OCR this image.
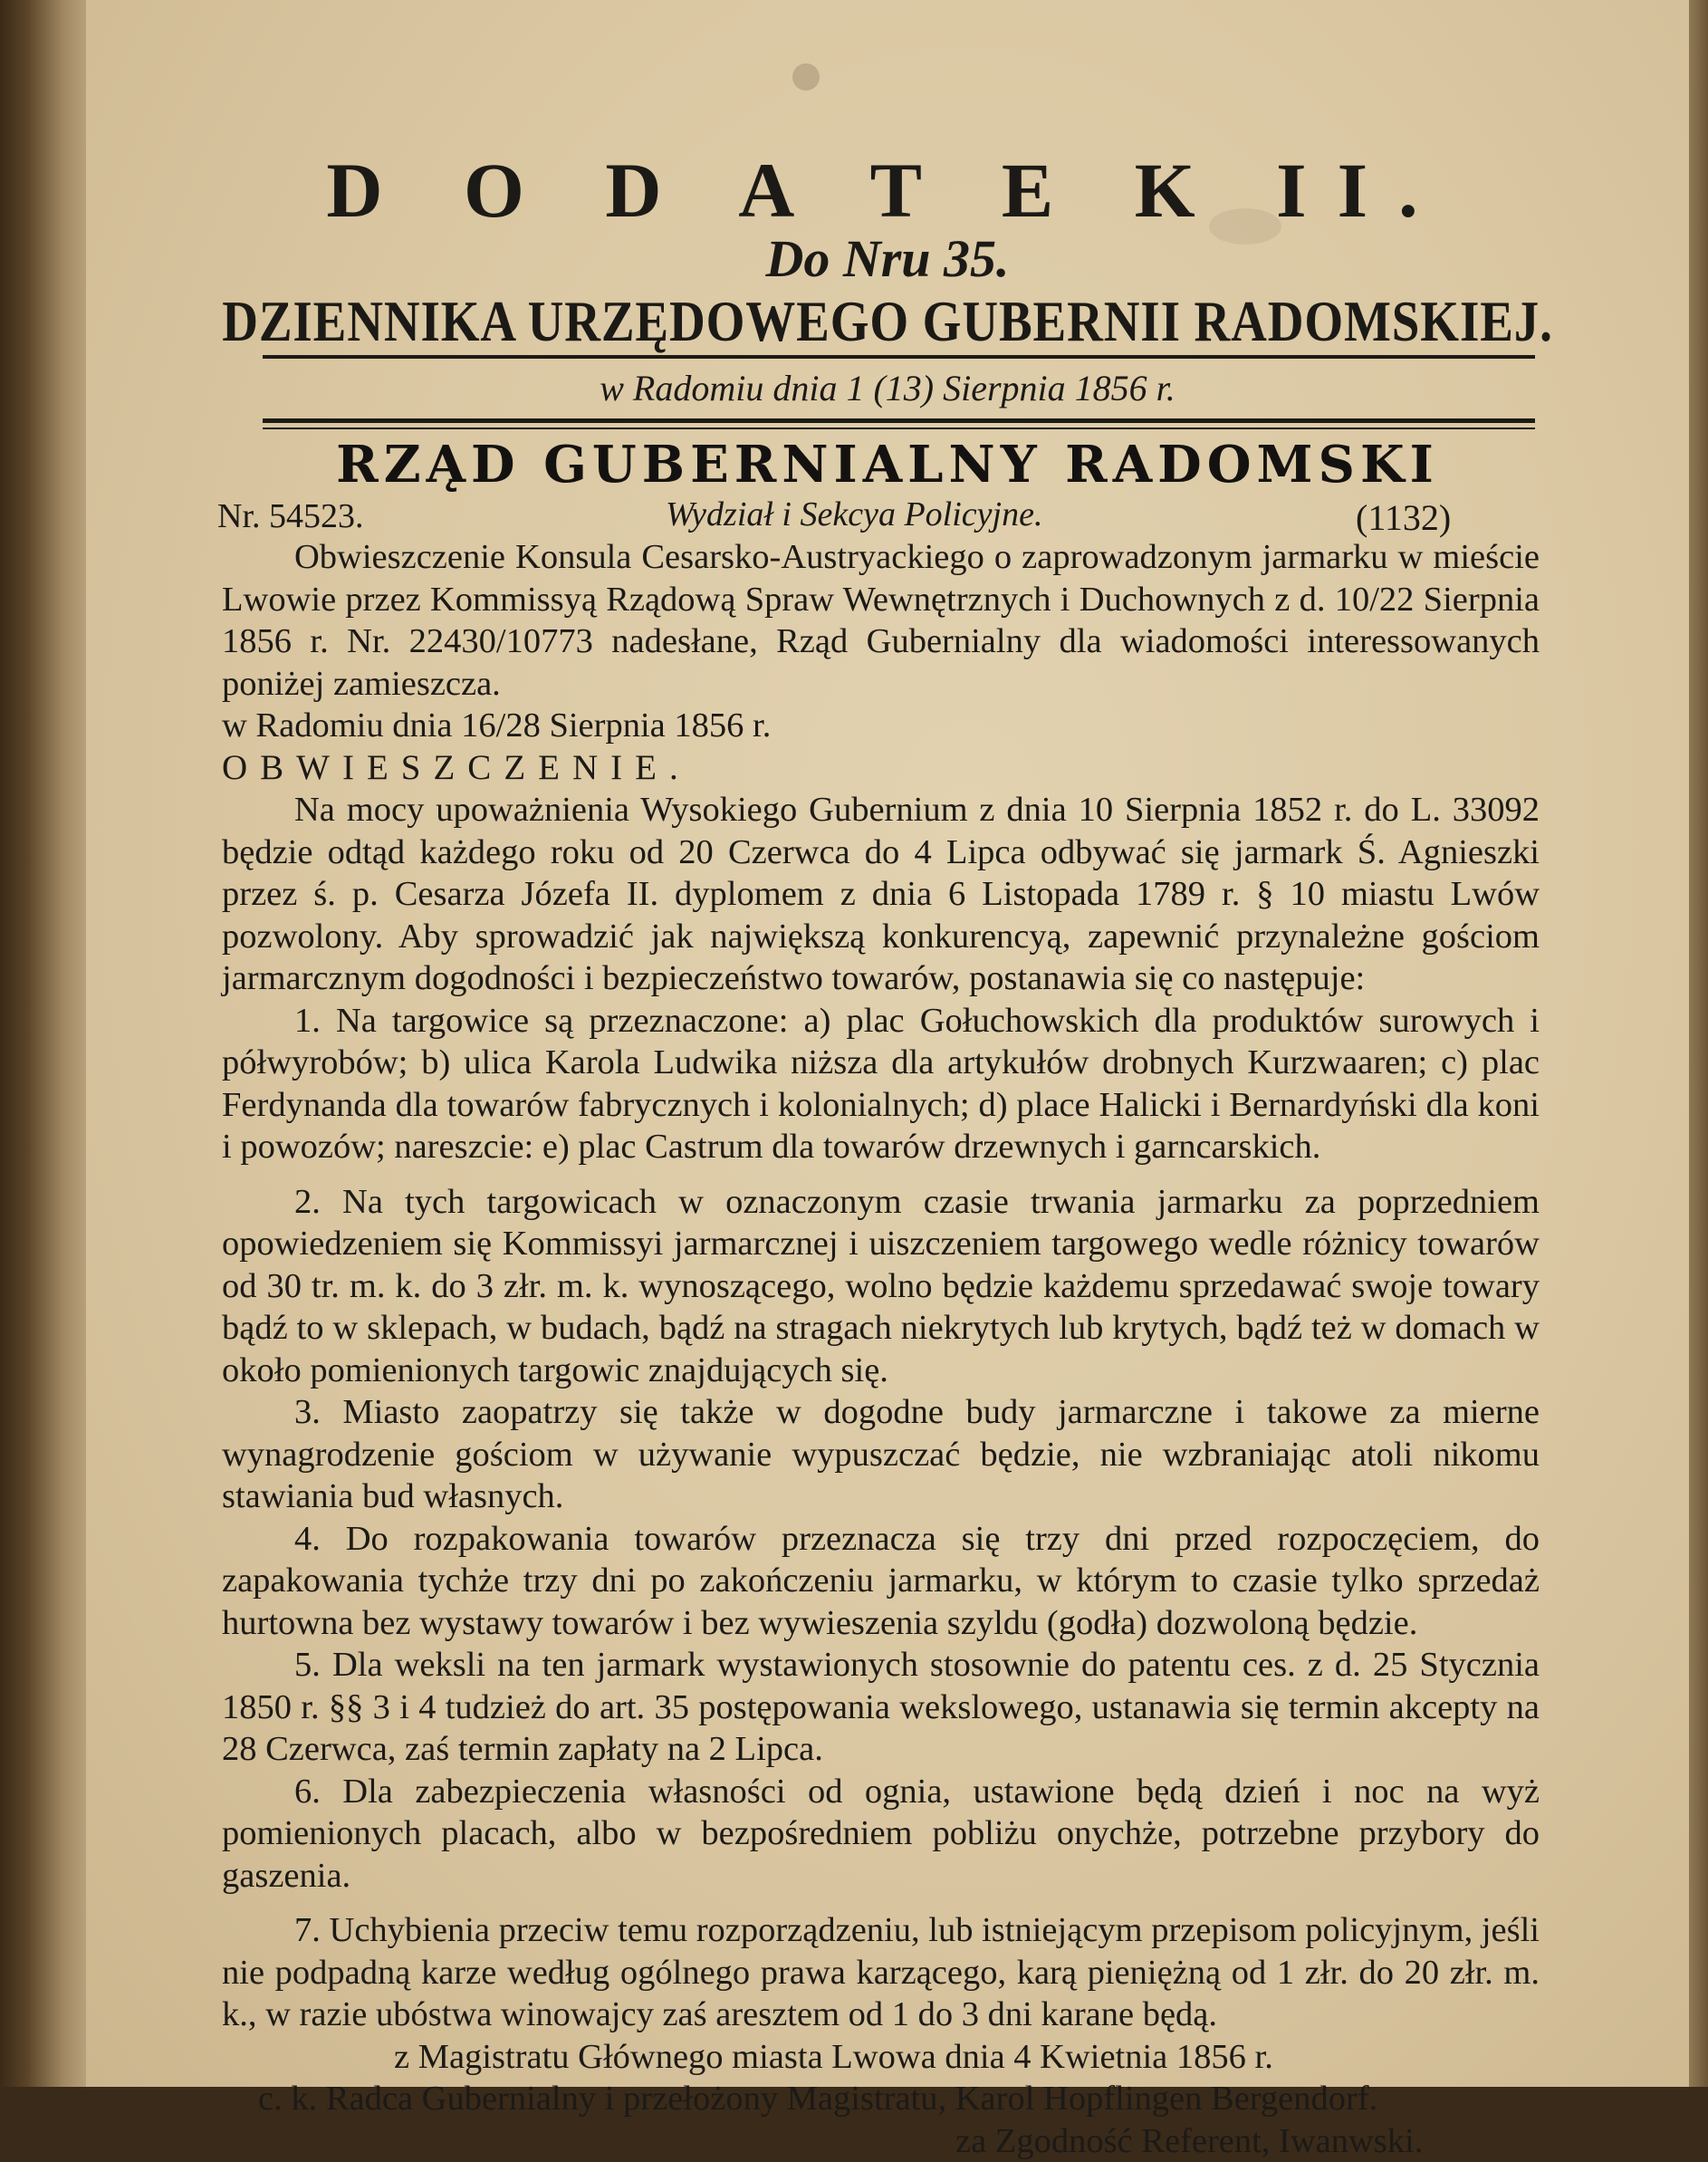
D O D A T E K II.
Do Nru 35.
DZIENNIKA URZĘDOWEGO GUBERNII RADOMSKIEJ.
w Radomiu dnia 1 (13) Sierpnia 1856 r.
RZĄD GUBERNIALNY RADOMSKI
Nr. 54523.	Wydział i Sekcya Policyjne.	(1132)

Obwieszczenie Konsula Cesarsko-Austryackiego o zaprowadzonym jarmarku w mieście Lwowie przez Kommissyą Rządową Spraw Wewnętrznych i Duchownych z d. 10/22 Sierpnia 1856 r. Nr. 22430/10773 nadesłane, Rząd Gubernialny dla wiadomości interessowanych poniżej zamieszcza.

w Radomiu dnia 16/28 Sierpnia 1856 r.

OBWIESZCZENIE.

Na mocy upoważnienia Wysokiego Gubernium z dnia 10 Sierpnia 1852 r. do L. 33092 będzie odtąd każdego roku od 20 Czerwca do 4 Lipca odbywać się jarmark Ś. Agnieszki przez ś. p. Cesarza Józefa II. dyplomem z dnia 6 Listopada 1789 r. § 10 miastu Lwów pozwolony. Aby sprowadzić jak największą konkurencyą, zapewnić przynależne gościom jarmarcznym dogodności i bezpieczeństwo towarów, postanawia się co następuje:

1. Na targowice są przeznaczone: a) plac Gołuchowskich dla produktów surowych i półwyrobów; b) ulica Karola Ludwika niższa dla artykułów drobnych Kurzwaaren; c) plac Ferdynanda dla towarów fabrycznych i kolonialnych; d) place Halicki i Bernardyński dla koni i powozów; nareszcie: e) plac Castrum dla towarów drzewnych i garncarskich.

2. Na tych targowicach w oznaczonym czasie trwania jarmarku za poprzedniem opowiedzeniem się Kommissyi jarmarcznej i uiszczeniem targowego wedle różnicy towarów od 30 tr. m. k. do 3 złr. m. k. wynoszącego, wolno będzie każdemu sprzedawać swoje towary bądź to w sklepach, w budach, bądź na stragach niekrytych lub krytych, bądź też w domach w około pomienionych targowic znajdujących się.

3. Miasto zaopatrzy się także w dogodne budy jarmarczne i takowe za mierne wynagrodzenie gościom w używanie wypuszczać będzie, nie wzbraniając atoli nikomu stawiania bud własnych.

4. Do rozpakowania towarów przeznacza się trzy dni przed rozpoczęciem, do zapakowania tychże trzy dni po zakończeniu jarmarku, w którym to czasie tylko sprzedaż hurtowna bez wystawy towarów i bez wywieszenia szyldu (godła) dozwoloną będzie.

5. Dla weksli na ten jarmark wystawionych stosownie do patentu ces. z d. 25 Stycznia 1850 r. §§ 3 i 4 tudzież do art. 35 postępowania wekslowego, ustanawia się termin akcepty na 28 Czerwca, zaś termin zapłaty na 2 Lipca.

6. Dla zabezpieczenia własności od ognia, ustawione będą dzień i noc na wyż pomienionych placach, albo w bezpośredniem pobliżu onychże, potrzebne przybory do gaszenia.

7. Uchybienia przeciw temu rozporządzeniu, lub istniejącym przepisom policyjnym, jeśli nie podpadną karze według ogólnego prawa karzącego, karą pieniężną od 1 złr. do 20 złr. m. k., w razie ubóstwa winowajcy zaś aresztem od 1 do 3 dni karane będą.

z Magistratu Głównego miasta Lwowa dnia 4 Kwietnia 1856 r.

c. k. Radca Gubernialny i przełożony Magistratu, Karol Hopflingen Bergendorf.

za Zgodność Referent, Iwanwski.
